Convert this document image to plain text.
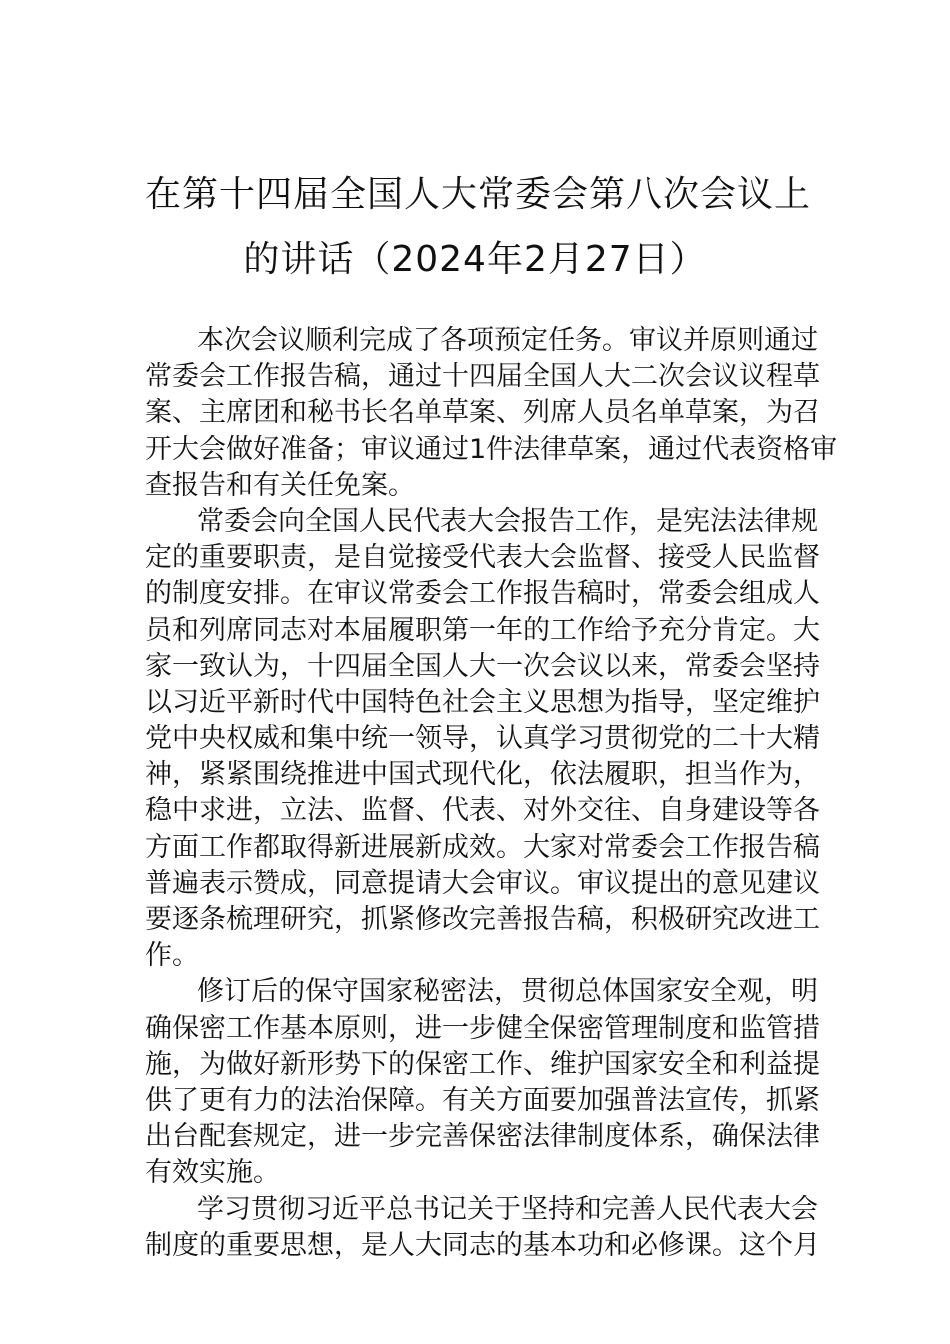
在第十四届全国人大常委会第八次会议上
的讲话（2024年2月27日）
本次会议顺利完成了各项预定任务。审议并原则通过
常委会工作报告稿，通过十四届全国人大二次会议议程草
案、主席团和秘书长名单草案、列席人员名单草案，为召
开大会做好准备；审议通过1件法律草案，通过代表资格审
查报告和有关任免案。
常委会向全国人民代表大会报告工作，是宪法法律规
定的重要职责，是自觉接受代表大会监督、接受人民监督
的制度安排。在审议常委会工作报告稿时，常委会组成人
员和列席同志对本届履职第一年的工作给予充分肯定。大
家一致认为，十四届全国人大一次会议以来，常委会坚持
以习近平新时代中国特色社会主义思想为指导，坚定维护
党中央权威和集中统一领导，认真学习贯彻党的二十大精
神，紧紧围绕推进中国式现代化，依法履职，担当作为，
稳中求进，立法、监督、代表、对外交往、自身建设等各
方面工作都取得新进展新成效。大家对常委会工作报告稿
普遍表示赞成，同意提请大会审议。审议提出的意见建议
要逐条梳理研究，抓紧修改完善报告稿，积极研究改进工
作。
修订后的保守国家秘密法，贯彻总体国家安全观，明
确保密工作基本原则，进一步健全保密管理制度和监管措
施，为做好新形势下的保密工作、维护国家安全和利益提
供了更有力的法治保障。有关方面要加强普法宣传，抓紧
出台配套规定，进一步完善保密法律制度体系，确保法律
有效实施。
学习贯彻习近平总书记关于坚持和完善人民代表大会
制度的重要思想，是人大同志的基本功和必修课。这个月
